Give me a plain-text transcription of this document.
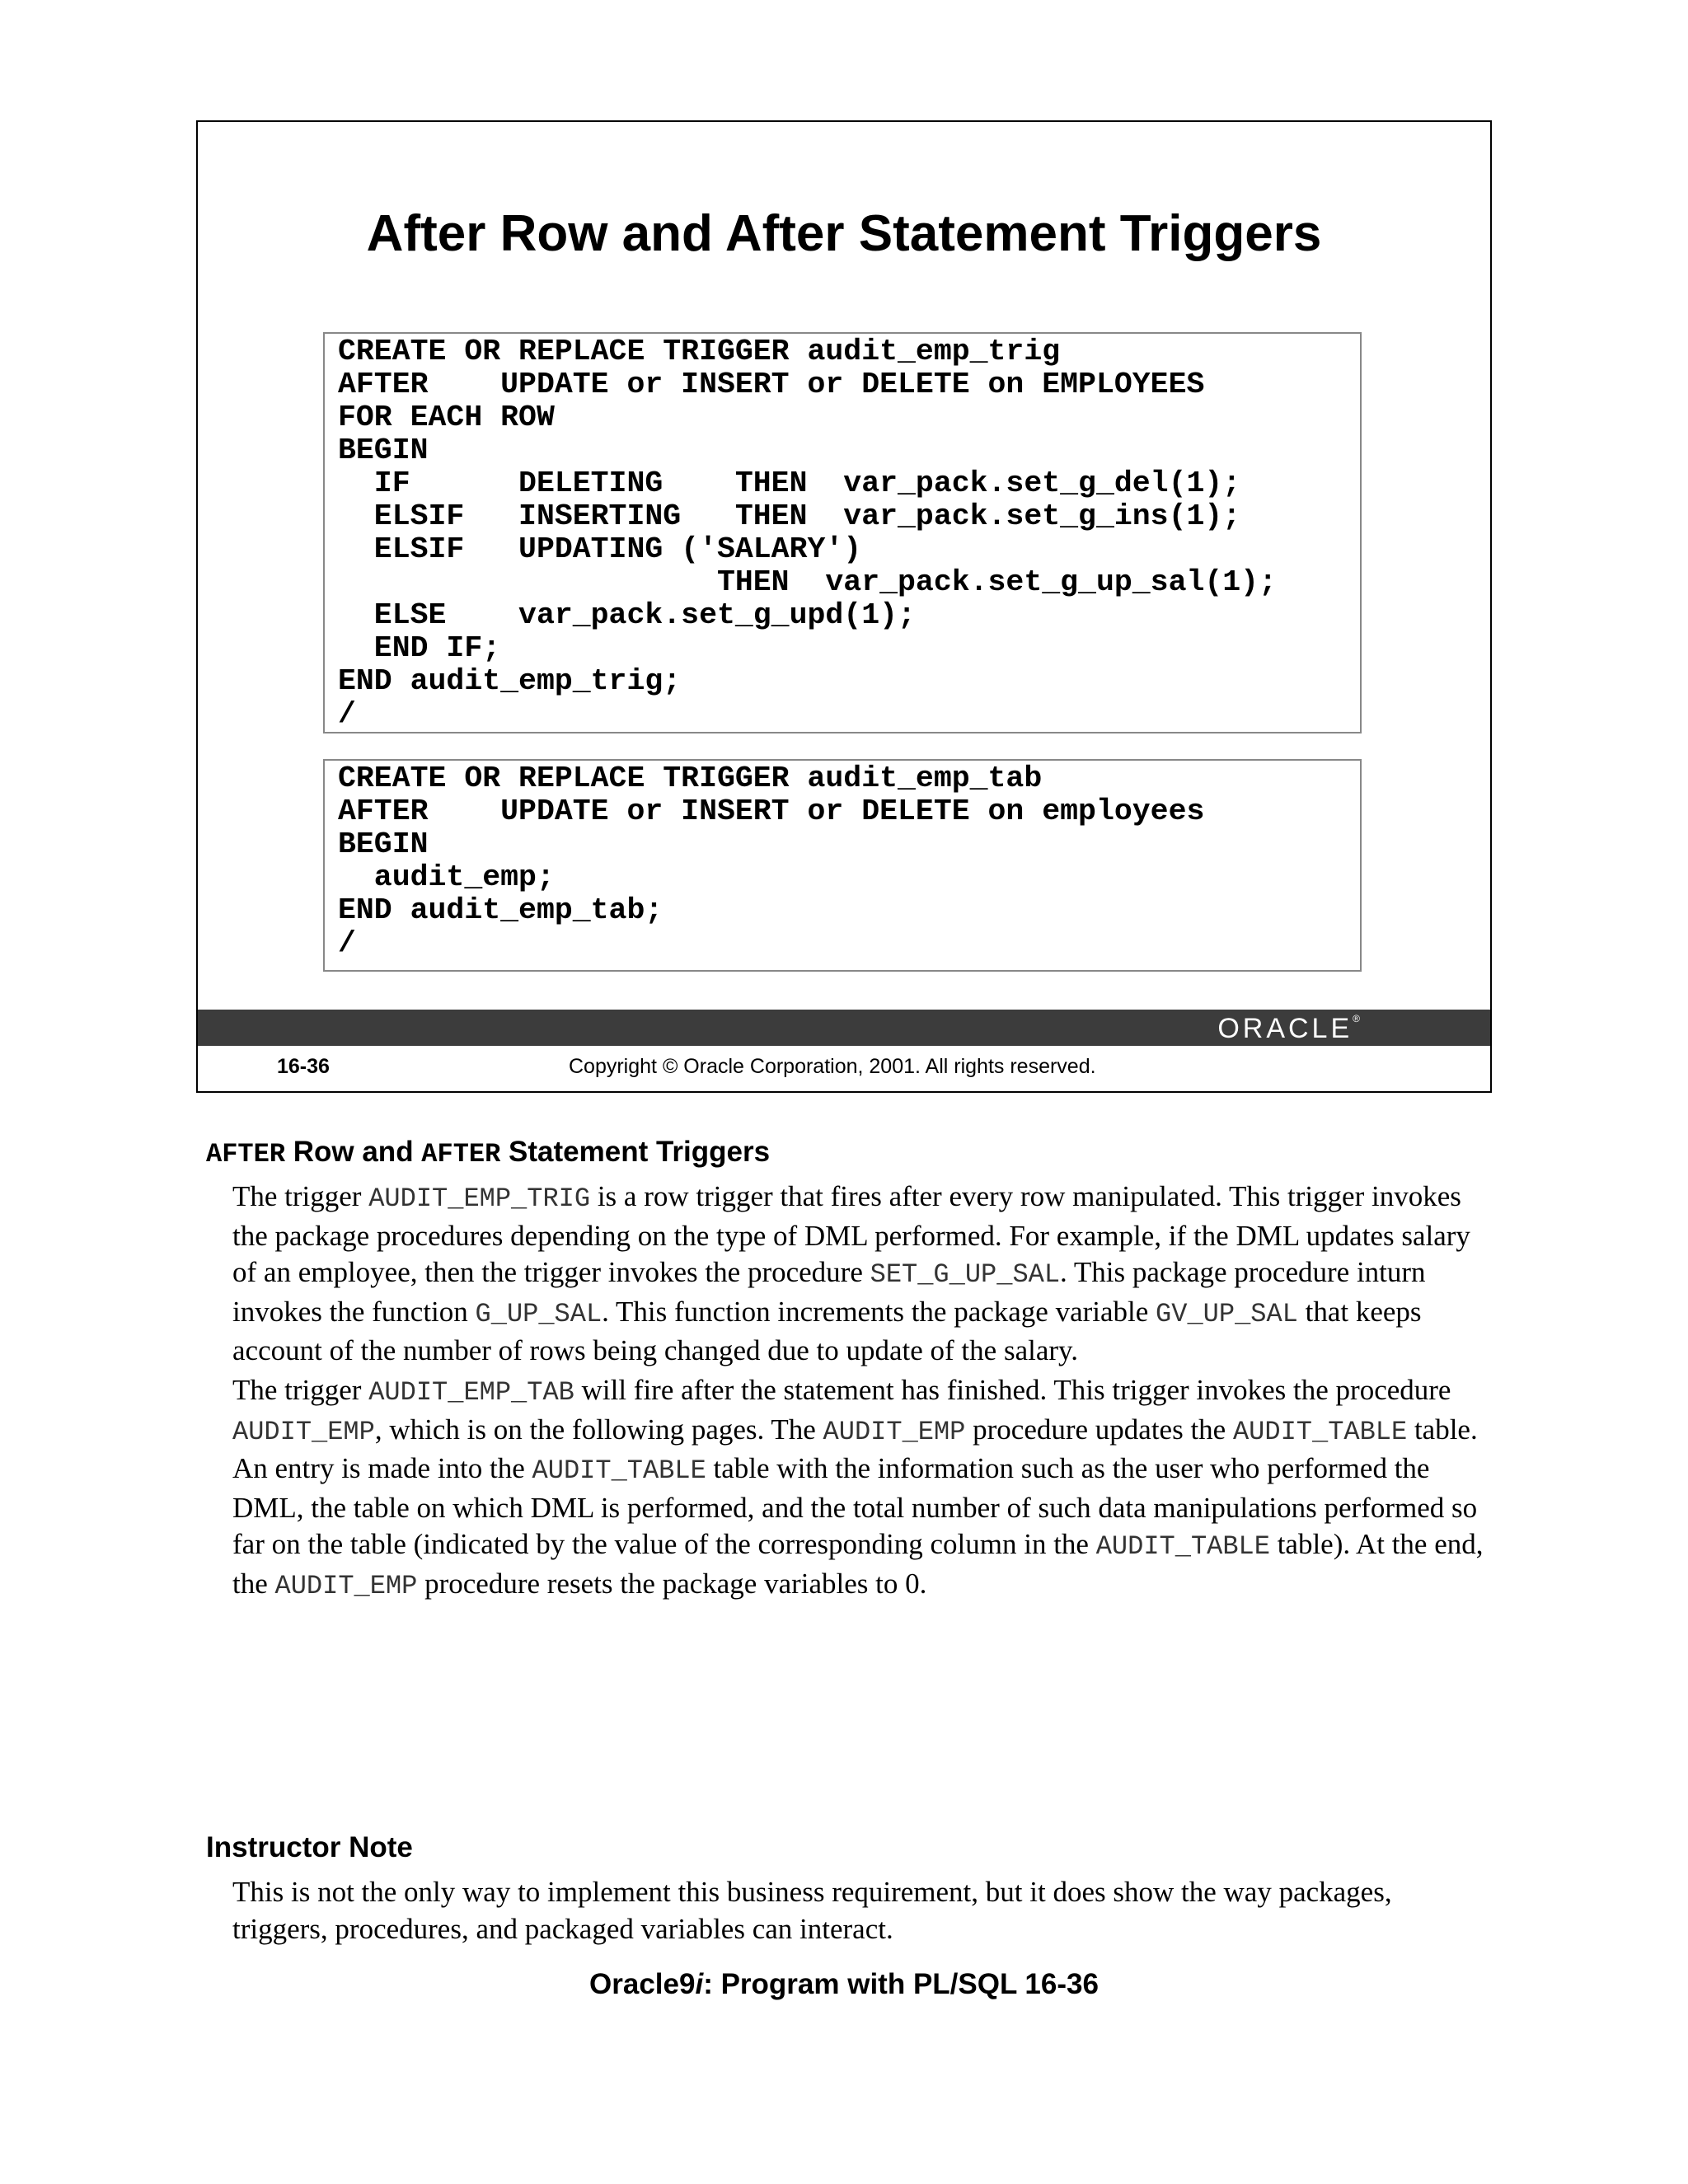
After Row and After Statement Triggers
CREATE OR REPLACE TRIGGER audit_emp_trig
AFTER    UPDATE or INSERT or DELETE on EMPLOYEES
FOR EACH ROW
BEGIN
IF      DELETING    THEN  var_pack.set_g_del(1);
ELSIF   INSERTING   THEN  var_pack.set_g_ins(1);
ELSIF   UPDATING ('SALARY')
THEN  var_pack.set_g_up_sal(1);
ELSE    var_pack.set_g_upd(1);
END IF;
END audit_emp_trig;
/
CREATE OR REPLACE TRIGGER audit_emp_tab
AFTER    UPDATE or INSERT or DELETE on employees
BEGIN
audit_emp;
END audit_emp_tab;
/
ORACLE®
16-36	Copyright © Oracle Corporation, 2001. All rights reserved.
AFTER Row and AFTER Statement Triggers
The trigger AUDIT_EMP_TRIG is a row trigger that fires after every row manipulated. This trigger invokes the package procedures depending on the type of DML performed. For example, if the DML updates salary of an employee, then the trigger invokes the procedure SET_G_UP_SAL. This package procedure inturn invokes the function G_UP_SAL. This function increments the package variable GV_UP_SAL that keeps account of the number of rows being changed due to update of the salary.
The trigger AUDIT_EMP_TAB will fire after the statement has finished. This trigger invokes the procedure AUDIT_EMP, which is on the following pages. The AUDIT_EMP procedure updates the AUDIT_TABLE table. An entry is made into the AUDIT_TABLE table with the information such as the user who performed the DML, the table on which DML is performed, and the total number of such data manipulations performed so far on the table (indicated by the value of the corresponding column in the AUDIT_TABLE table). At the end, the AUDIT_EMP procedure resets the package variables to 0.
Instructor Note
This is not the only way to implement this business requirement, but it does show the way packages, triggers, procedures, and packaged variables can interact.
Oracle9i: Program with PL/SQL 16-36
